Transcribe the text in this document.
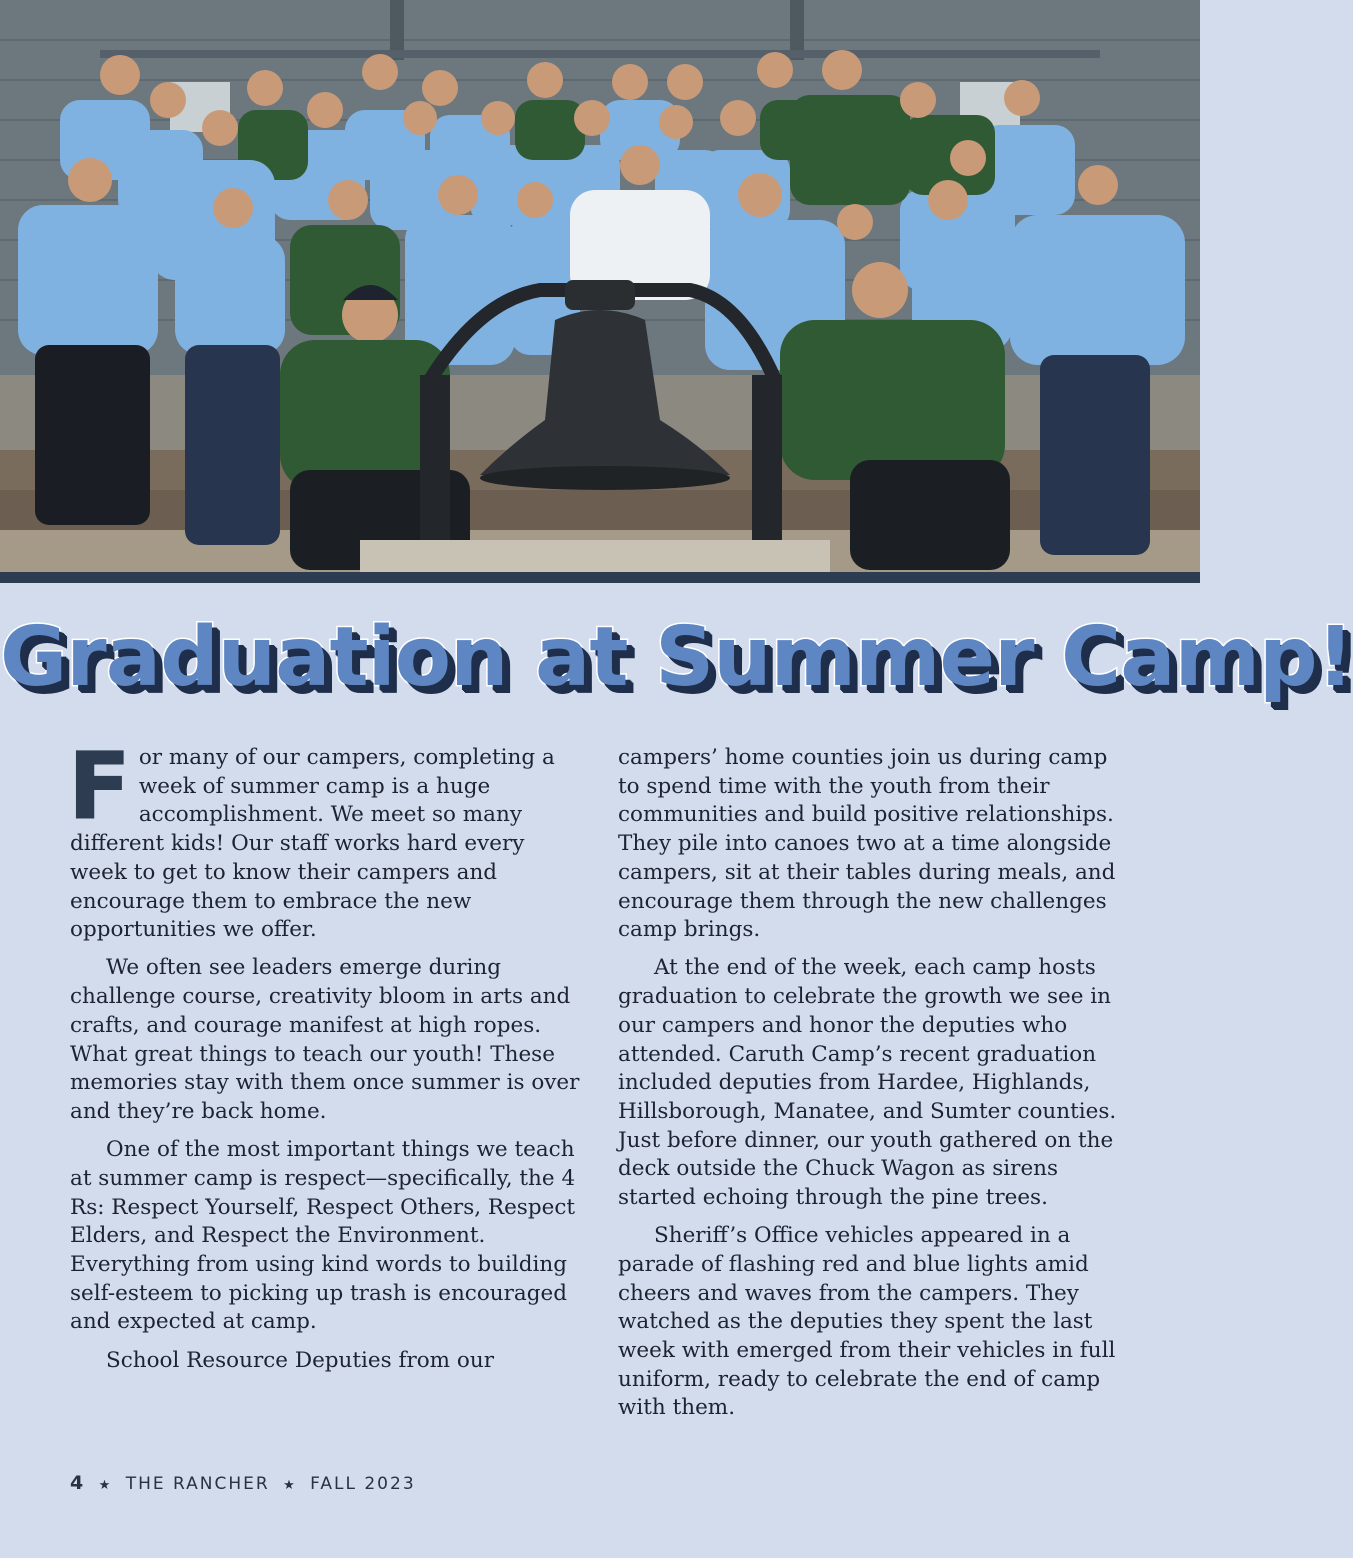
Graduation at Summer Camp!

For many of our campers, completing a week of summer camp is a huge accomplishment. We meet so many different kids! Our staff works hard every week to get to know their campers and encourage them to embrace the new opportunities we offer.

We often see leaders emerge during challenge course, creativity bloom in arts and crafts, and courage manifest at high ropes. What great things to teach our youth! These memories stay with them once summer is over and they’re back home.

One of the most important things we teach at summer camp is respect—specifically, the 4 Rs: Respect Yourself, Respect Others, Respect Elders, and Respect the Environment. Everything from using kind words to building self-esteem to picking up trash is encouraged and expected at camp.

School Resource Deputies from our

campers’ home counties join us during camp to spend time with the youth from their communities and build positive relationships. They pile into canoes two at a time alongside campers, sit at their tables during meals, and encourage them through the new challenges camp brings.

At the end of the week, each camp hosts graduation to celebrate the growth we see in our campers and honor the deputies who attended. Caruth Camp’s recent graduation included deputies from Hardee, Highlands, Hillsborough, Manatee, and Sumter counties. Just before dinner, our youth gathered on the deck outside the Chuck Wagon as sirens started echoing through the pine trees.

Sheriff’s Office vehicles appeared in a parade of flashing red and blue lights amid cheers and waves from the campers. They watched as the deputies they spent the last week with emerged from their vehicles in full uniform, ready to celebrate the end of camp with them.

4 ★ THE RANCHER ★ FALL 2023
